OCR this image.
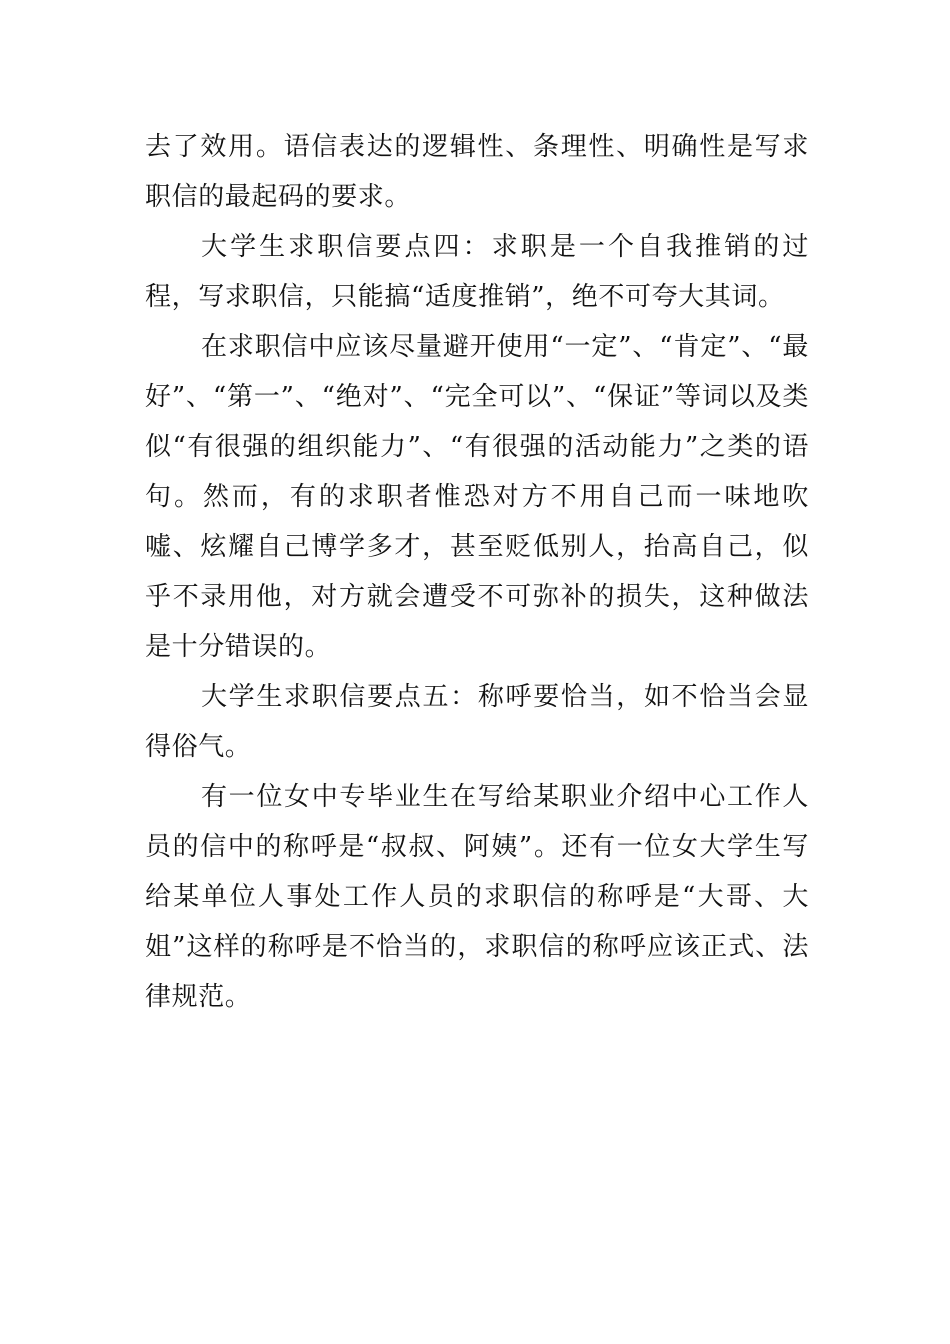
去了效用。语信表达的逻辑性、条理性、明确性是写求职信的最起码的要求。

大学生求职信要点四：求职是一个自我推销的过程，写求职信，只能搞“适度推销”，绝不可夸大其词。

在求职信中应该尽量避开使用“一定”、“肯定”、“最好”、“第一”、“绝对”、“完全可以”、“保证”等词以及类似“有很强的组织能力”、“有很强的活动能力”之类的语句。然而，有的求职者惟恐对方不用自己而一味地吹嘘、炫耀自己博学多才，甚至贬低别人，抬高自己，似乎不录用他，对方就会遭受不可弥补的损失，这种做法是十分错误的。

大学生求职信要点五：称呼要恰当，如不恰当会显得俗气。

有一位女中专毕业生在写给某职业介绍中心工作人员的信中的称呼是“叔叔、阿姨”。还有一位女大学生写给某单位人事处工作人员的求职信的称呼是“大哥、大姐”这样的称呼是不恰当的，求职信的称呼应该正式、法律规范。
